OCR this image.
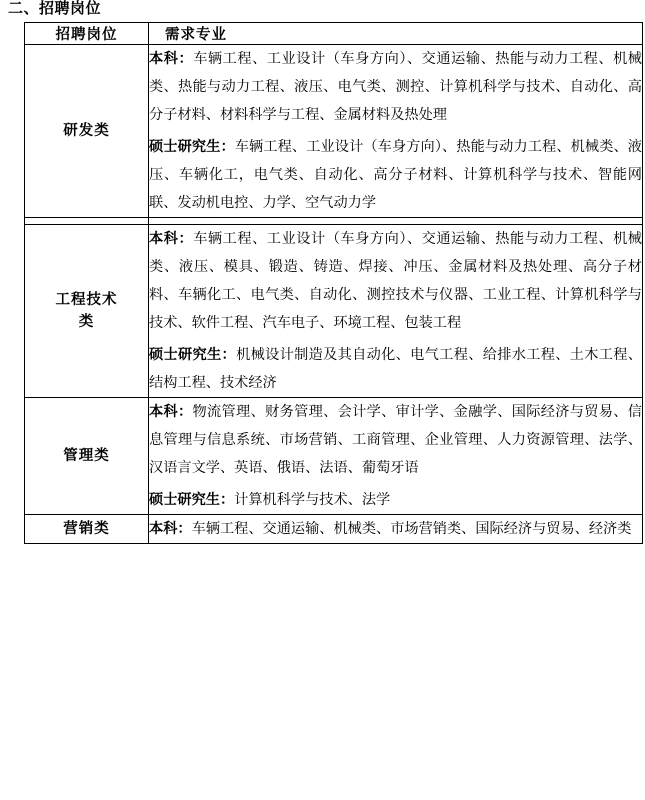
二、招聘岗位
招聘岗位	需求专业
研发类	本科：车辆工程、工业设计（车身方向）、交通运输、热能与动力工程、机械类、热能与动力工程、液压、电气类、测控、计算机科学与技术、自动化、高分子材料、材料科学与工程、金属材料及热处理

硕士研究生：车辆工程、工业设计（车身方向）、热能与动力工程、机械类、液压、车辆化工，电气类、自动化、高分子材料、计算机科学与技术、智能网联、发动机电控、力学、空气动力学

工程技术类	本科：车辆工程、工业设计（车身方向）、交通运输、热能与动力工程、机械类、液压、模具、锻造、铸造、焊接、冲压、金属材料及热处理、高分子材料、车辆化工、电气类、自动化、测控技术与仪器、工业工程、计算机科学与技术、软件工程、汽车电子、环境工程、包装工程

硕士研究生：机械设计制造及其自动化、电气工程、给排水工程、土木工程、结构工程、技术经济

管理类	本科：物流管理、财务管理、会计学、审计学、金融学、国际经济与贸易、信息管理与信息系统、市场营销、工商管理、企业管理、人力资源管理、法学、汉语言文学、英语、俄语、法语、葡萄牙语

硕士研究生：计算机科学与技术、法学

营销类	本科：车辆工程、交通运输、机械类、市场营销类、国际经济与贸易、经济类
